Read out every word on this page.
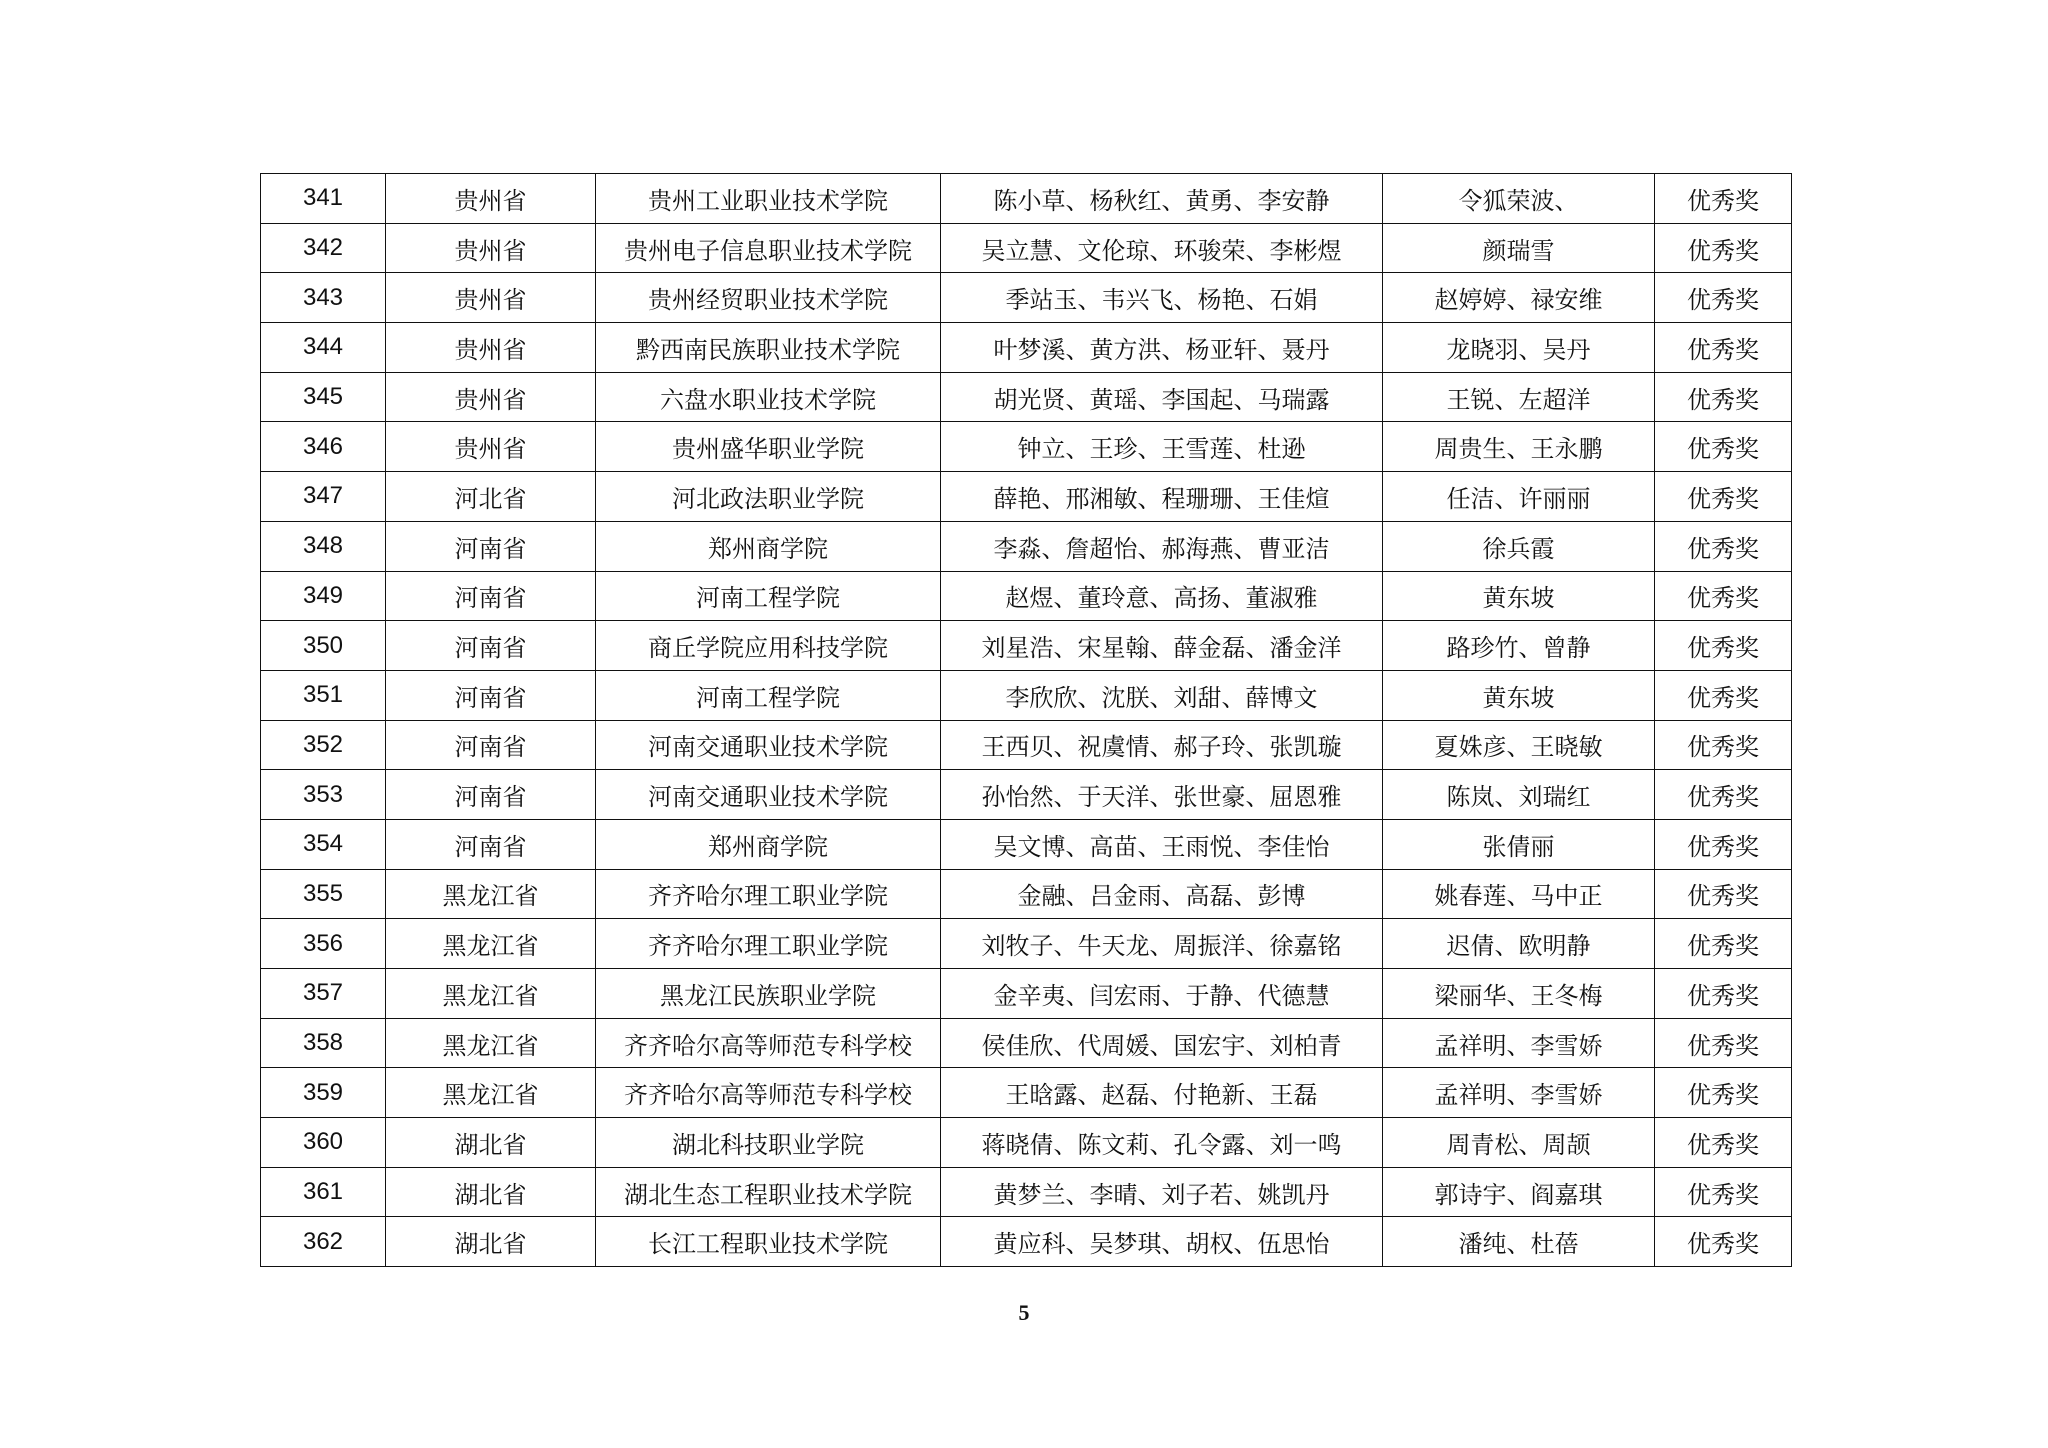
341	贵州省	贵州工业职业技术学院	陈小草、杨秋红、黄勇、李安静	令狐荣波、	优秀奖
342	贵州省	贵州电子信息职业技术学院	吴立慧、文伦琼、环骏荣、李彬煜	颜瑞雪	优秀奖
343	贵州省	贵州经贸职业技术学院	季站玉、韦兴飞、杨艳、石娟	赵婷婷、禄安维	优秀奖
344	贵州省	黔西南民族职业技术学院	叶梦溪、黄方洪、杨亚轩、聂丹	龙晓羽、吴丹	优秀奖
345	贵州省	六盘水职业技术学院	胡光贤、黄瑶、李国起、马瑞露	王锐、左超洋	优秀奖
346	贵州省	贵州盛华职业学院	钟立、王珍、王雪莲、杜逊	周贵生、王永鹏	优秀奖
347	河北省	河北政法职业学院	薛艳、邢湘敏、程珊珊、王佳煊	任洁、许丽丽	优秀奖
348	河南省	郑州商学院	李淼、詹超怡、郝海燕、曹亚洁	徐兵霞	优秀奖
349	河南省	河南工程学院	赵煜、董玲意、高扬、董淑雅	黄东坡	优秀奖
350	河南省	商丘学院应用科技学院	刘星浩、宋星翰、薛金磊、潘金洋	路珍竹、曾静	优秀奖
351	河南省	河南工程学院	李欣欣、沈朕、刘甜、薛博文	黄东坡	优秀奖
352	河南省	河南交通职业技术学院	王西贝、祝虞情、郝子玲、张凯璇	夏姝彦、王晓敏	优秀奖
353	河南省	河南交通职业技术学院	孙怡然、于天洋、张世豪、屈恩雅	陈岚、刘瑞红	优秀奖
354	河南省	郑州商学院	吴文博、高苗、王雨悦、李佳怡	张倩丽	优秀奖
355	黑龙江省	齐齐哈尔理工职业学院	金融、吕金雨、高磊、彭博	姚春莲、马中正	优秀奖
356	黑龙江省	齐齐哈尔理工职业学院	刘牧子、牛天龙、周振洋、徐嘉铭	迟倩、欧明静	优秀奖
357	黑龙江省	黑龙江民族职业学院	金辛夷、闫宏雨、于静、代德慧	梁丽华、王冬梅	优秀奖
358	黑龙江省	齐齐哈尔高等师范专科学校	侯佳欣、代周媛、国宏宇、刘柏青	孟祥明、李雪娇	优秀奖
359	黑龙江省	齐齐哈尔高等师范专科学校	王晗露、赵磊、付艳新、王磊	孟祥明、李雪娇	优秀奖
360	湖北省	湖北科技职业学院	蒋晓倩、陈文莉、孔令露、刘一鸣	周青松、周颉	优秀奖
361	湖北省	湖北生态工程职业技术学院	黄梦兰、李晴、刘子若、姚凯丹	郭诗宇、阎嘉琪	优秀奖
362	湖北省	长江工程职业技术学院	黄应科、吴梦琪、胡权、伍思怡	潘纯、杜蓓	优秀奖
5
